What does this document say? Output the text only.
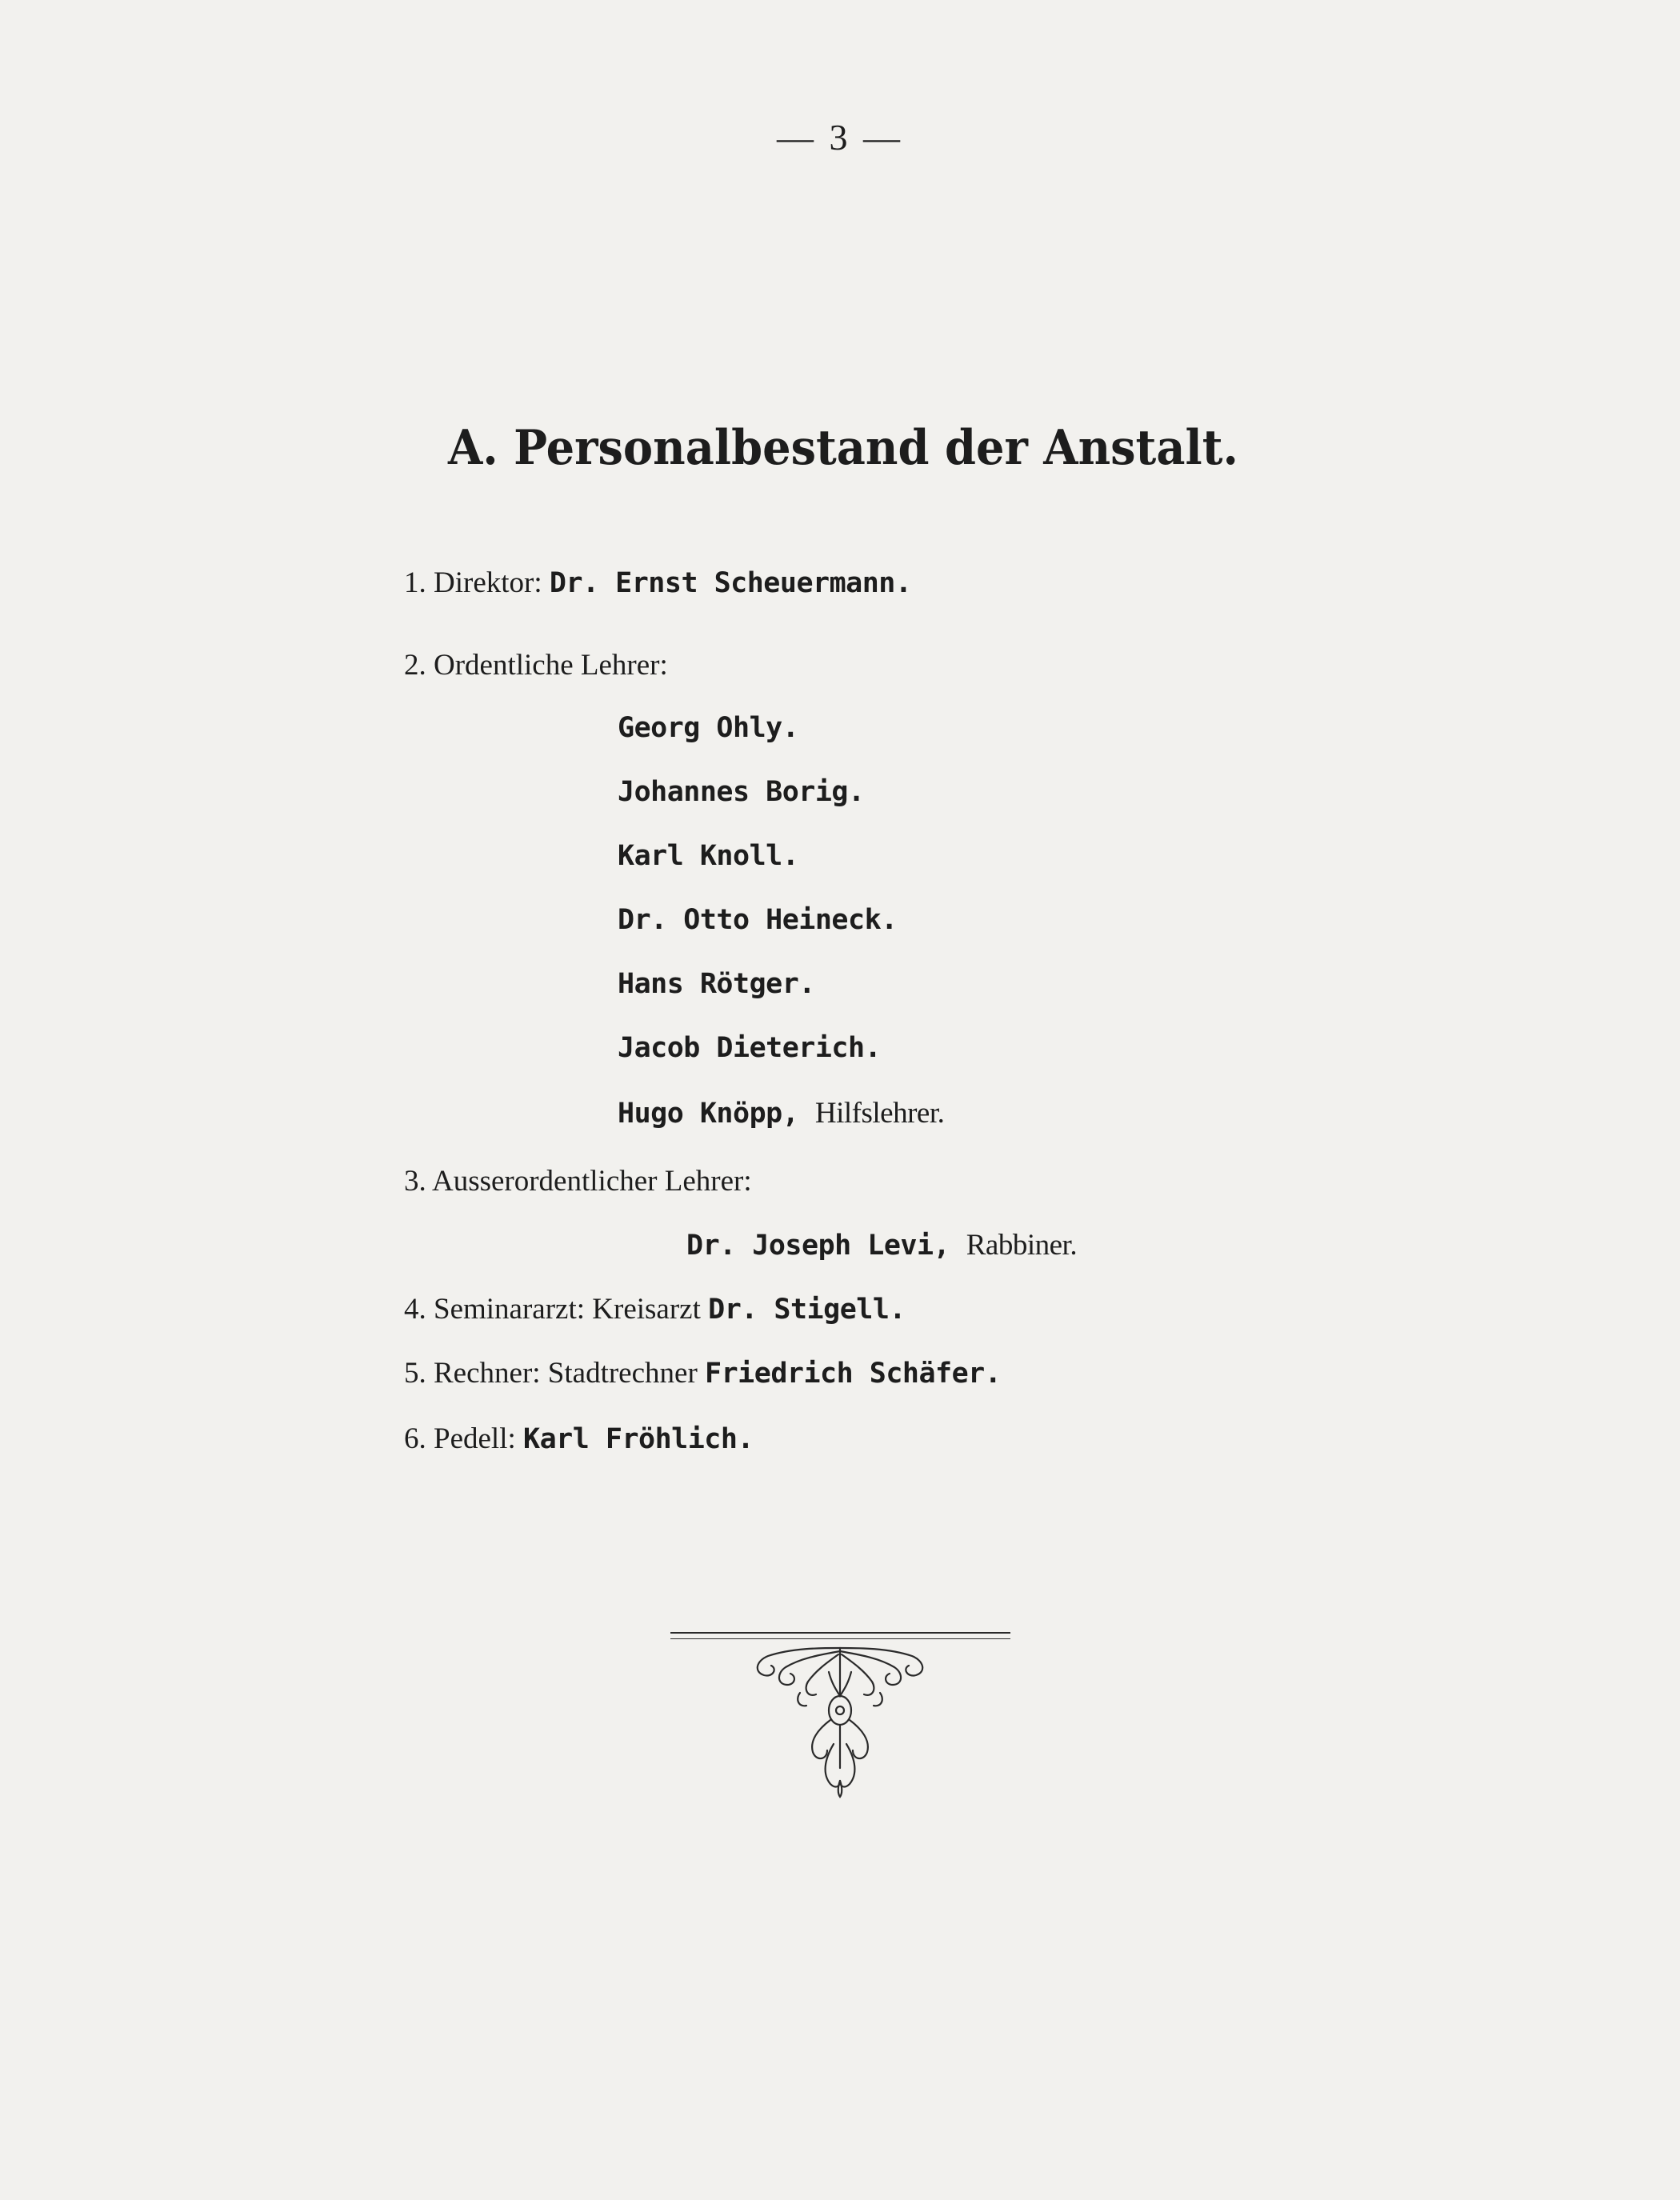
— 3 —
A. Personalbestand der Anstalt.
1. Direktor: Dr. Ernst Scheuermann.
2. Ordentliche Lehrer:
Georg Ohly.
Johannes Borig.
Karl Knoll.
Dr. Otto Heineck.
Hans Rötger.
Jacob Dieterich.
Hugo Knöpp, Hilfslehrer.
3. Ausserordentlicher Lehrer:
Dr. Joseph Levi, Rabbiner.
4. Seminararzt: Kreisarzt Dr. Stigell.
5. Rechner: Stadtrechner Friedrich Schäfer.
6. Pedell: Karl Fröhlich.
